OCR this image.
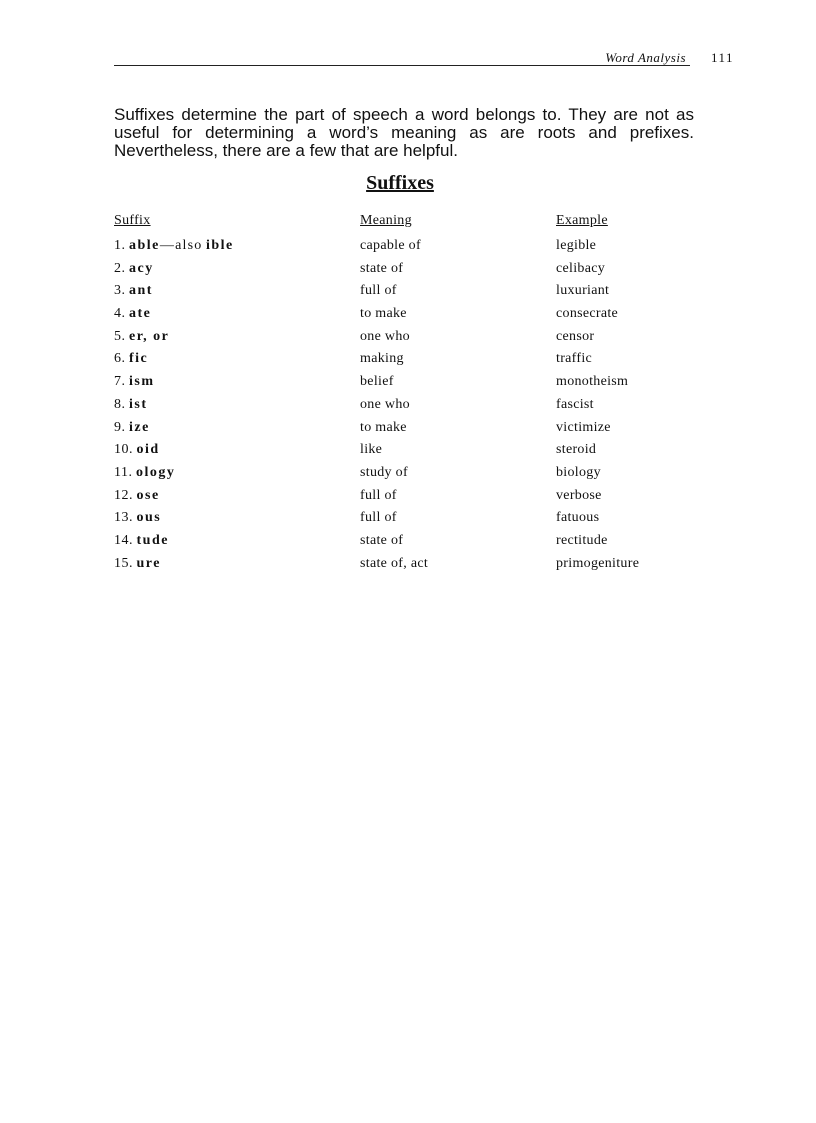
Word Analysis 111

Suffixes determine the part of speech a word belongs to. They are not as useful for determining a word’s meaning as are roots and prefixes. Nevertheless, there are a few that are helpful.

Suffixes
Suffix	Meaning	Example
1. able—also ible	capable of	legible
2. acy	state of	celibacy
3. ant	full of	luxuriant
4. ate	to make	consecrate
5. er, or	one who	censor
6. fic	making	traffic
7. ism	belief	monotheism
8. ist	one who	fascist
9. ize	to make	victimize
10. oid	like	steroid
11. ology	study of	biology
12. ose	full of	verbose
13. ous	full of	fatuous
14. tude	state of	rectitude
15. ure	state of, act	primogeniture
